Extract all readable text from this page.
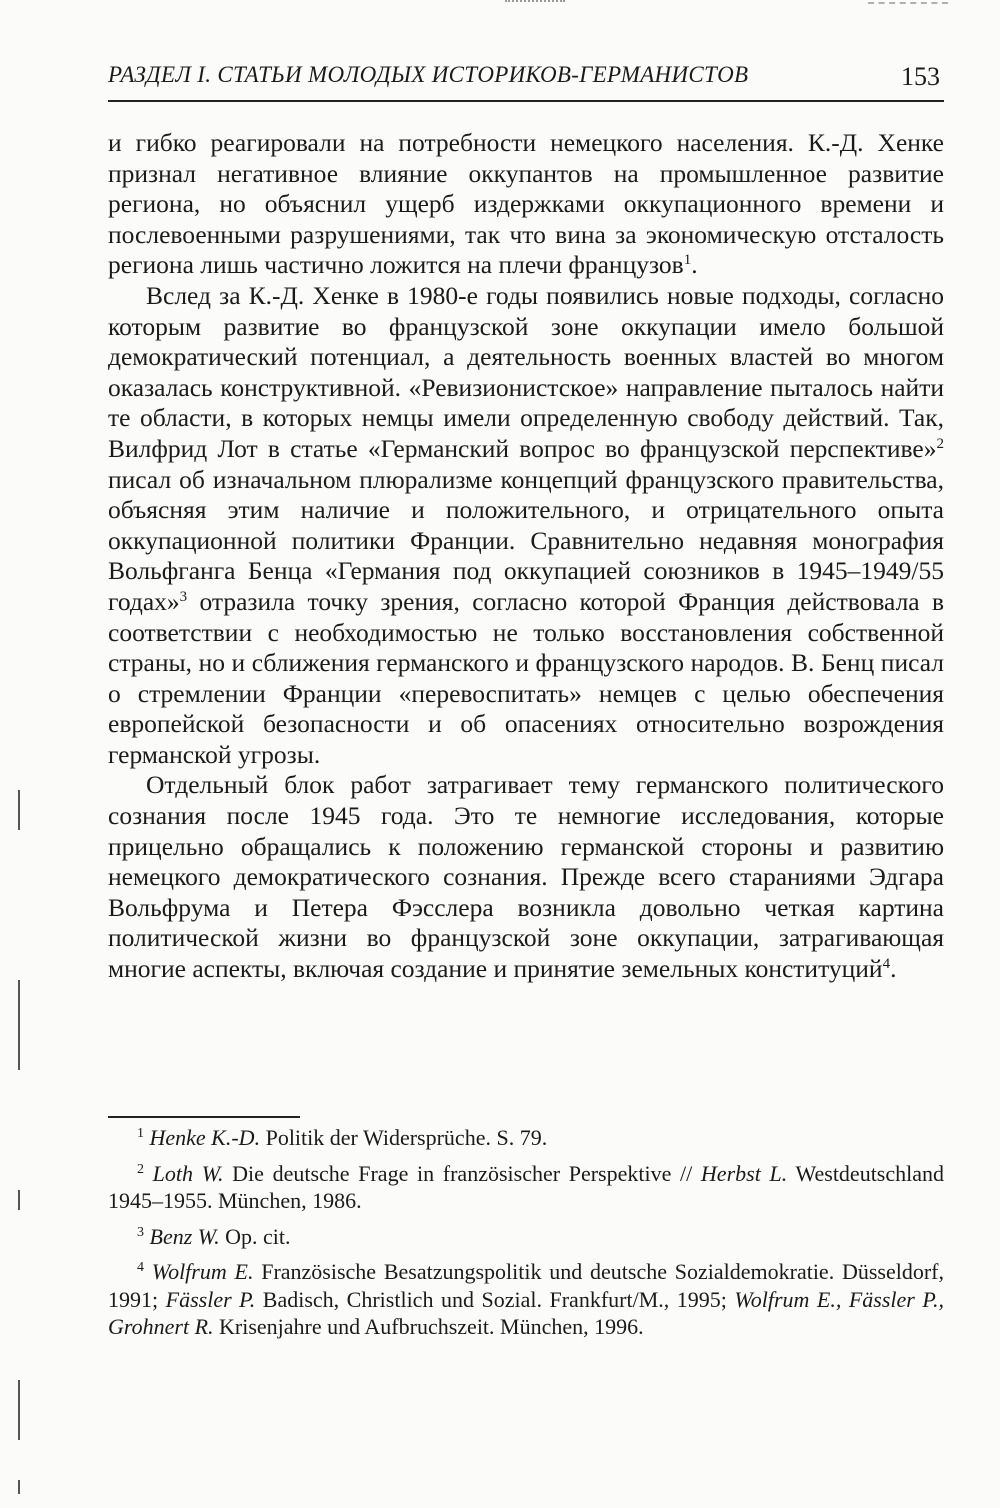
РАЗДЕЛ I. СТАТЬИ МОЛОДЫХ ИСТОРИКОВ-ГЕРМАНИСТОВ	153

и гибко реагировали на потребности немецкого населения. К.-Д. Хенке признал негативное влияние оккупантов на промышленное развитие региона, но объяснил ущерб издержками оккупационного времени и послевоенными разрушениями, так что вина за экономическую отсталость региона лишь частично ложится на плечи французов$^1$.

Вслед за К.-Д. Хенке в 1980-е годы появились новые подходы, согласно которым развитие во французской зоне оккупации имело большой демократический потенциал, а деятельность военных властей во многом оказалась конструктивной. «Ревизионистское» направление пыталось найти те области, в которых немцы имели определенную свободу действий. Так, Вилфрид Лот в статье «Германский вопрос во французской перспективе»$^2$ писал об изначальном плюрализме концепций французского правительства, объясняя этим наличие и положительного, и отрицательного опыта оккупационной политики Франции. Сравнительно недавняя монография Вольфганга Бенца «Германия под оккупацией союзников в 1945–1949/55 годах»$^3$ отразила точку зрения, согласно которой Франция действовала в соответствии с необходимостью не только восстановления собственной страны, но и сближения германского и французского народов. В. Бенц писал о стремлении Франции «перевоспитать» немцев с целью обеспечения европейской безопасности и об опасениях относительно возрождения германской угрозы.

Отдельный блок работ затрагивает тему германского политического сознания после 1945 года. Это те немногие исследования, которые прицельно обращались к положению германской стороны и развитию немецкого демократического сознания. Прежде всего стараниями Эдгара Вольфрума и Петера Фэсслера возникла довольно четкая картина политической жизни во французской зоне оккупации, затрагивающая многие аспекты, включая создание и принятие земельных конституций$^4$.

$^1$ Henke K.-D. Politik der Widersprüche. S. 79.

$^2$ Loth W. Die deutsche Frage in französischer Perspektive // Herbst L. Westdeutschland 1945–1955. München, 1986.

$^3$ Benz W. Op. cit.

$^4$ Wolfrum E. Französische Besatzungspolitik und deutsche Sozialdemokratie. Düsseldorf, 1991; Fässler P. Badisch, Christlich und Sozial. Frankfurt/M., 1995; Wolfrum E., Fässler P., Grohnert R. Krisenjahre und Aufbruchszeit. München, 1996.
